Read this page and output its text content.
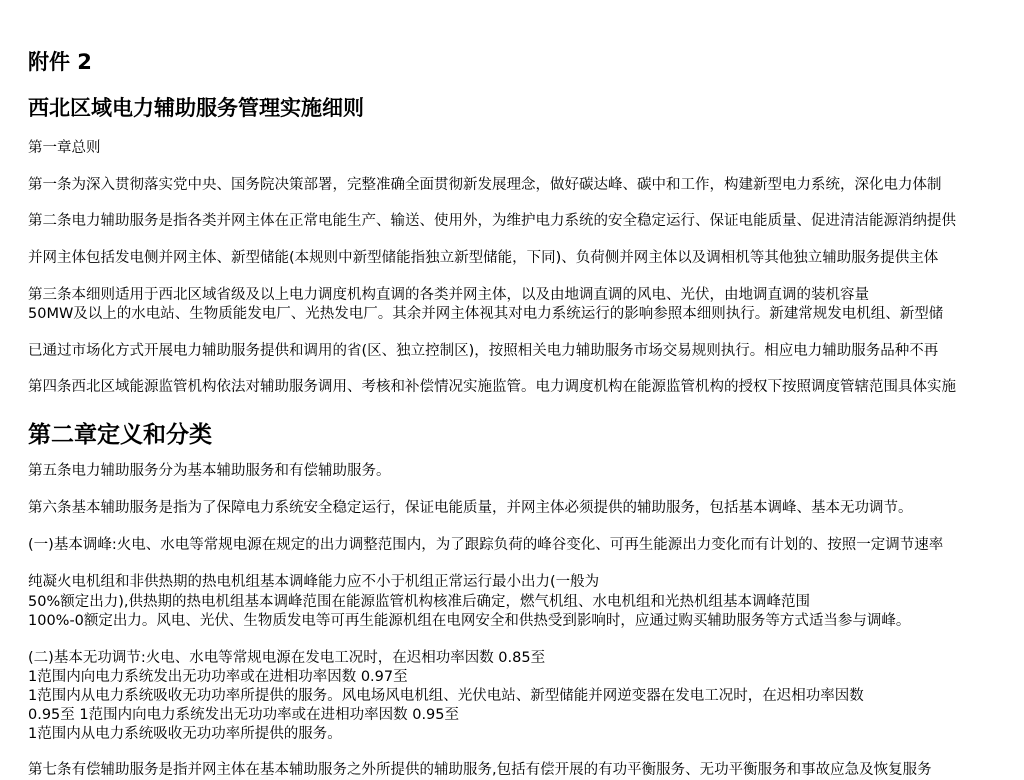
附件 2
西北区域电力辅助服务管理实施细则
第一章总则
第一条为深入贯彻落实党中央、国务院决策部署，完整准确全面贯彻新发展理念，做好碳达峰、碳中和工作，构建新型电力系统，深化电力体制
第二条电力辅助服务是指各类并网主体在正常电能生产、输送、使用外，为维护电力系统的安全稳定运行、保证电能质量、促进清洁能源消纳提供
并网主体包括发电侧并网主体、新型储能(本规则中新型储能指独立新型储能，下同)、负荷侧并网主体以及调相机等其他独立辅助服务提供主体
第三条本细则适用于西北区域省级及以上电力调度机构直调的各类并网主体，以及由地调直调的风电、光伏，由地调直调的装机容量
50MW及以上的水电站、生物质能发电厂、光热发电厂。其余并网主体视其对电力系统运行的影响参照本细则执行。新建常规发电机组、新型储
已通过市场化方式开展电力辅助服务提供和调用的省(区、独立控制区)，按照相关电力辅助服务市场交易规则执行。相应电力辅助服务品种不再
第四条西北区域能源监管机构依法对辅助服务调用、考核和补偿情况实施监管。电力调度机构在能源监管机构的授权下按照调度管辖范围具体实施
第二章定义和分类
第五条电力辅助服务分为基本辅助服务和有偿辅助服务。
第六条基本辅助服务是指为了保障电力系统安全稳定运行，保证电能质量，并网主体必须提供的辅助服务，包括基本调峰、基本无功调节。
(一)基本调峰:火电、水电等常规电源在规定的出力调整范围内，为了跟踪负荷的峰谷变化、可再生能源出力变化而有计划的、按照一定调节速率
纯凝火电机组和非供热期的热电机组基本调峰能力应不小于机组正常运行最小出力(一般为
50%额定出力),供热期的热电机组基本调峰范围在能源监管机构核准后确定，燃气机组、水电机组和光热机组基本调峰范围
100%-0额定出力。风电、光伏、生物质发电等可再生能源机组在电网安全和供热受到影响时，应通过购买辅助服务等方式适当参与调峰。
(二)基本无功调节:火电、水电等常规电源在发电工况时，在迟相功率因数 0.85至
1范围内向电力系统发出无功功率或在进相功率因数 0.97至
1范围内从电力系统吸收无功功率所提供的服务。风电场风电机组、光伏电站、新型储能并网逆变器在发电工况时，在迟相功率因数
0.95至 1范围内向电力系统发出无功功率或在进相功率因数 0.95至
1范围内从电力系统吸收无功功率所提供的服务。
第七条有偿辅助服务是指并网主体在基本辅助服务之外所提供的辅助服务,包括有偿开展的有功平衡服务、无功平衡服务和事故应急及恢复服务
